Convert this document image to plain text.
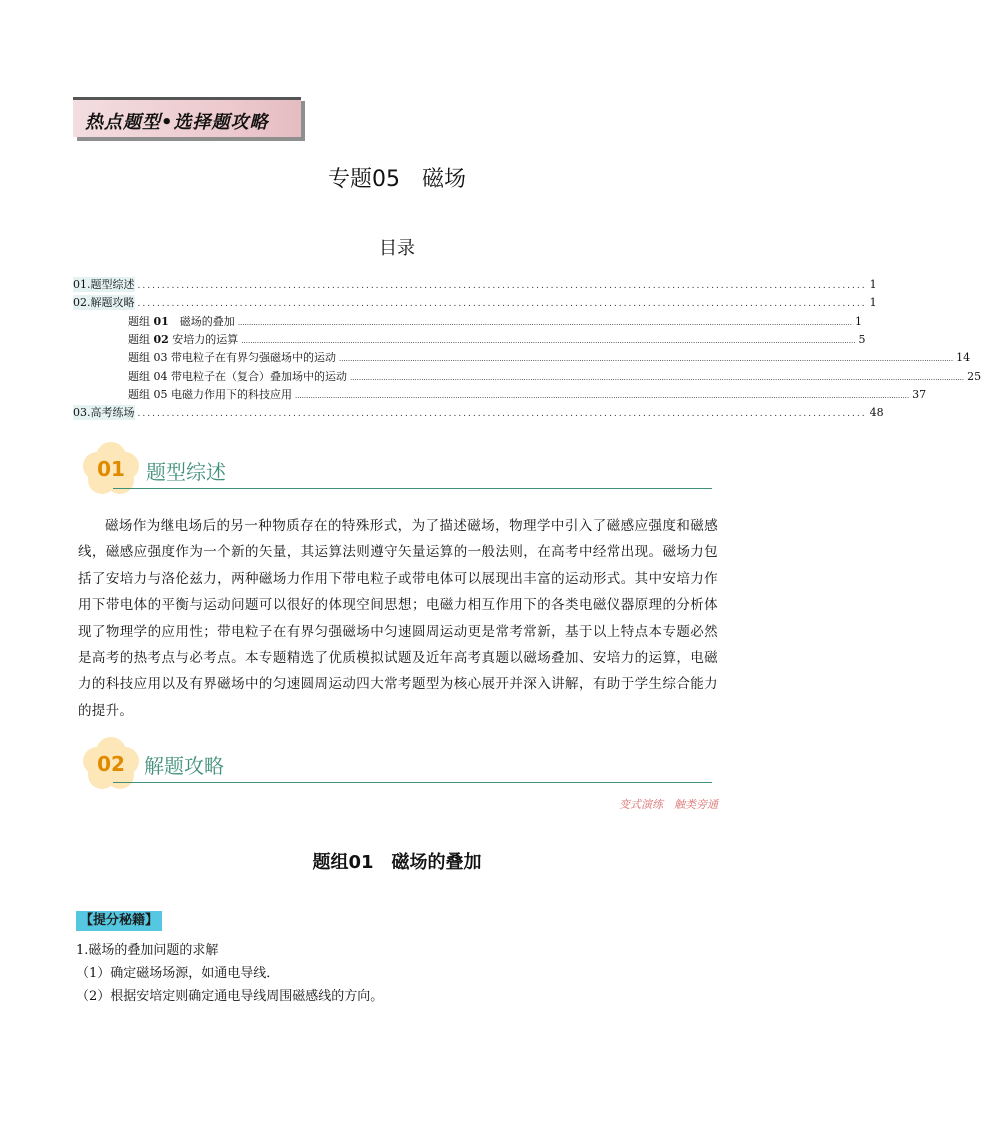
热点题型•选择题攻略
专题05　磁场
目录
01.题型综述 ...................................................................................................................................................... 1
02.解题攻略 ...................................................................................................................................................... 1
题组 01　磁场的叠加 .................................................................................................................................................................................................................................................................................... 1
题组 02 安培力的运算 .................................................................................................................................................................................................................................................................................... 5
题组 03 带电粒子在有界匀强磁场中的运动 .................................................................................................................................................................................................................................................................................... 14
题组 04 带电粒子在（复合）叠加场中的运动 .................................................................................................................................................................................................................................................................................... 25
题组 05 电磁力作用下的科技应用 .................................................................................................................................................................................................................................................................................... 37
03.高考练场 ...................................................................................................................................................... 48
01	题型综述
磁场作为继电场后的另一种物质存在的特殊形式，为了描述磁场，物理学中引入了磁感应强度和磁感线，磁感应强度作为一个新的矢量，其运算法则遵守矢量运算的一般法则，在高考中经常出现。磁场力包括了安培力与洛伦兹力，两种磁场力作用下带电粒子或带电体可以展现出丰富的运动形式。其中安培力作用下带电体的平衡与运动问题可以很好的体现空间思想；电磁力相互作用下的各类电磁仪器原理的分析体现了物理学的应用性；带电粒子在有界匀强磁场中匀速圆周运动更是常考常新，基于以上特点本专题必然是高考的热考点与必考点。本专题精选了优质模拟试题及近年高考真题以磁场叠加、安培力的运算，电磁力的科技应用以及有界磁场中的匀速圆周运动四大常考题型为核心展开并深入讲解，有助于学生综合能力的提升。
02 解题攻略
变式演练　触类旁通
题组01　磁场的叠加
【提分秘籍】
1.磁场的叠加问题的求解
（1）确定磁场场源，如通电导线．
（2）根据安培定则确定通电导线周围磁感线的方向。
